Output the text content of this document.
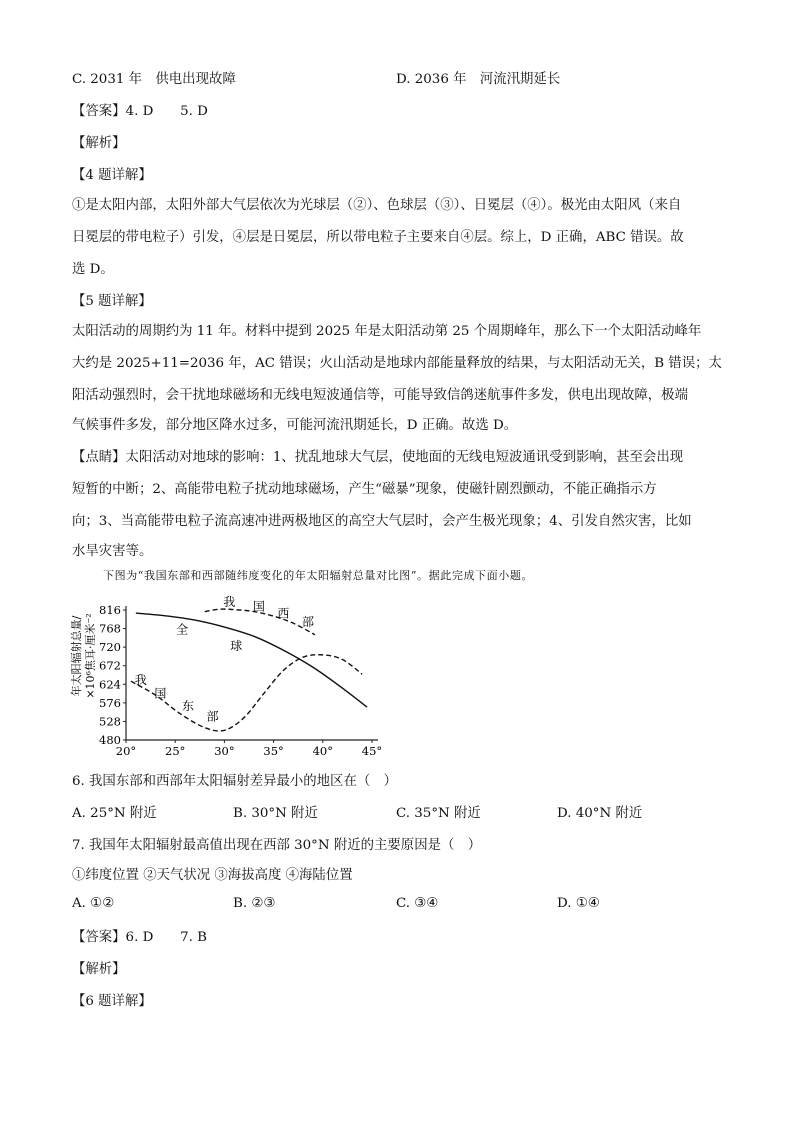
C. 2031 年　供电出现故障	D. 2036 年　河流汛期延长
【答案】4. D　　5. D
【解析】
【4 题详解】
①是太阳内部，太阳外部大气层依次为光球层（②）、色球层（③）、日冕层（④）。极光由太阳风（来自
日冕层的带电粒子）引发，④层是日冕层，所以带电粒子主要来自④层。综上，D 正确，ABC 错误。故
选 D。
【5 题详解】
太阳活动的周期约为 11 年。材料中提到 2025 年是太阳活动第 25 个周期峰年，那么下一个太阳活动峰年
大约是 2025+11=2036 年，AC 错误；火山活动是地球内部能量释放的结果，与太阳活动无关，B 错误；太
阳活动强烈时，会干扰地球磁场和无线电短波通信等，可能导致信鸽迷航事件多发，供电出现故障，极端
气候事件多发，部分地区降水过多，可能河流汛期延长，D 正确。故选 D。
【点睛】太阳活动对地球的影响：1、扰乱地球大气层，使地面的无线电短波通讯受到影响，甚至会出现
短暂的中断；2、高能带电粒子扰动地球磁场，产生“磁暴”现象，使磁针剧烈颤动，不能正确指示方
向；3、当高能带电粒子流高速冲进两极地区的高空大气层时，会产生极光现象；4、引发自然灾害，比如
水旱灾害等。
6. 我国东部和西部年太阳辐射差异最小的地区在（　）
A. 25°N 附近	B. 30°N 附近	C. 35°N 附近	D. 40°N 附近
7. 我国年太阳辐射最高值出现在西部 30°N 附近的主要原因是（　）
①纬度位置 ②天气状况 ③海拔高度 ④海陆位置
A. ①②	B. ②③	C. ③④	D. ①④
【答案】6. D　　7. B
【解析】
【6 题详解】
下图为“我国东部和西部随纬度变化的年太阳辐射总量对比图”。据此完成下面小题。
年太阳辐射总量/ ×10⁶焦耳·厘米⁻²
816
768
720
672
624
576
528
480
20°	25°	30°	35°	40°	45°
我 国 西
部
全
球
我
国
东
部
